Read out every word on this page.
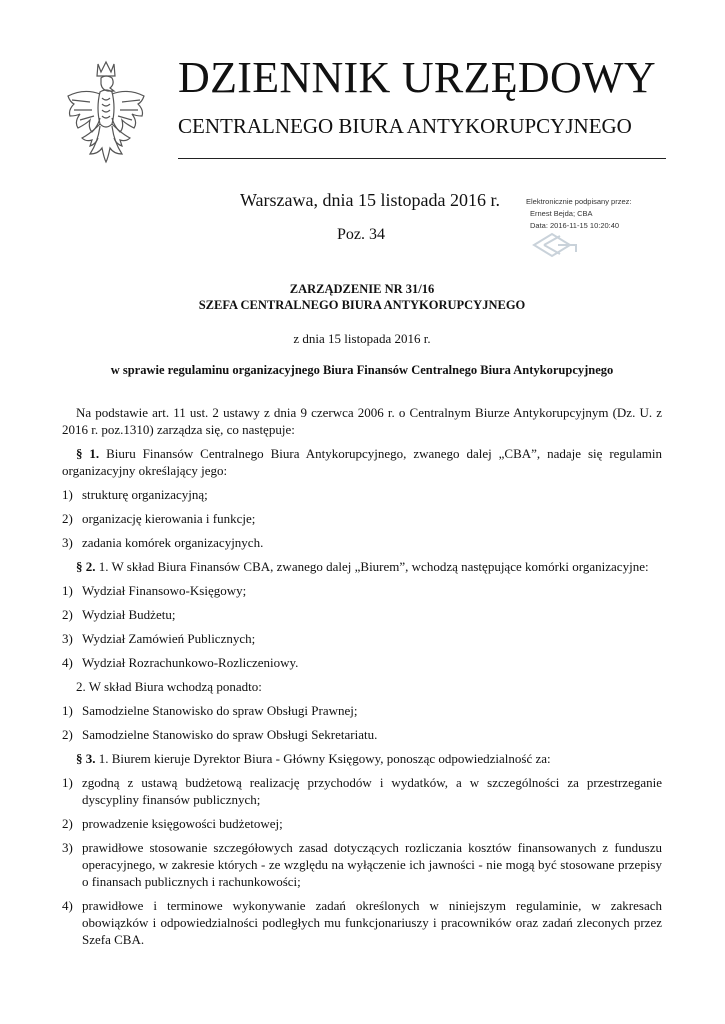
DZIENNIK URZĘDOWY
CENTRALNEGO BIURA ANTYKORUPCYJNEGO
Warszawa, dnia 15 listopada 2016 r.
Poz. 34
Elektronicznie podpisany przez:
Ernest Bejda; CBA
Data: 2016-11-15 10:20:40
ZARZĄDZENIE NR 31/16
SZEFA CENTRALNEGO BIURA ANTYKORUPCYJNEGO
z dnia 15 listopada 2016 r.
w sprawie regulaminu organizacyjnego Biura Finansów Centralnego Biura Antykorupcyjnego

Na podstawie art. 11 ust. 2 ustawy z dnia 9 czerwca 2006 r. o Centralnym Biurze Antykorupcyjnym (Dz. U. z 2016 r. poz.1310) zarządza się, co następuje:

§ 1. Biuru Finansów Centralnego Biura Antykorupcyjnego, zwanego dalej „CBA”, nadaje się regulamin organizacyjny określający jego:

1) strukturę organizacyjną;
2) organizację kierowania i funkcje;
3) zadania komórek organizacyjnych.

§ 2. 1. W skład Biura Finansów CBA, zwanego dalej „Biurem”, wchodzą następujące komórki organizacyjne:

1) Wydział Finansowo-Księgowy;
2) Wydział Budżetu;
3) Wydział Zamówień Publicznych;
4) Wydział Rozrachunkowo-Rozliczeniowy.

2. W skład Biura wchodzą ponadto:

1) Samodzielne Stanowisko do spraw Obsługi Prawnej;
2) Samodzielne Stanowisko do spraw Obsługi Sekretariatu.

§ 3. 1. Biurem kieruje Dyrektor Biura - Główny Księgowy, ponosząc odpowiedzialność za:

1) zgodną z ustawą budżetową realizację przychodów i wydatków, a w szczególności za przestrzeganie dyscypliny finansów publicznych;
2) prowadzenie księgowości budżetowej;
3) prawidłowe stosowanie szczegółowych zasad dotyczących rozliczania kosztów finansowanych z funduszu operacyjnego, w zakresie których - ze względu na wyłączenie ich jawności - nie mogą być stosowane przepisy o finansach publicznych i rachunkowości;
4) prawidłowe i terminowe wykonywanie zadań określonych w niniejszym regulaminie, w zakresach obowiązków i odpowiedzialności podległych mu funkcjonariuszy i pracowników oraz zadań zleconych przez Szefa CBA.
